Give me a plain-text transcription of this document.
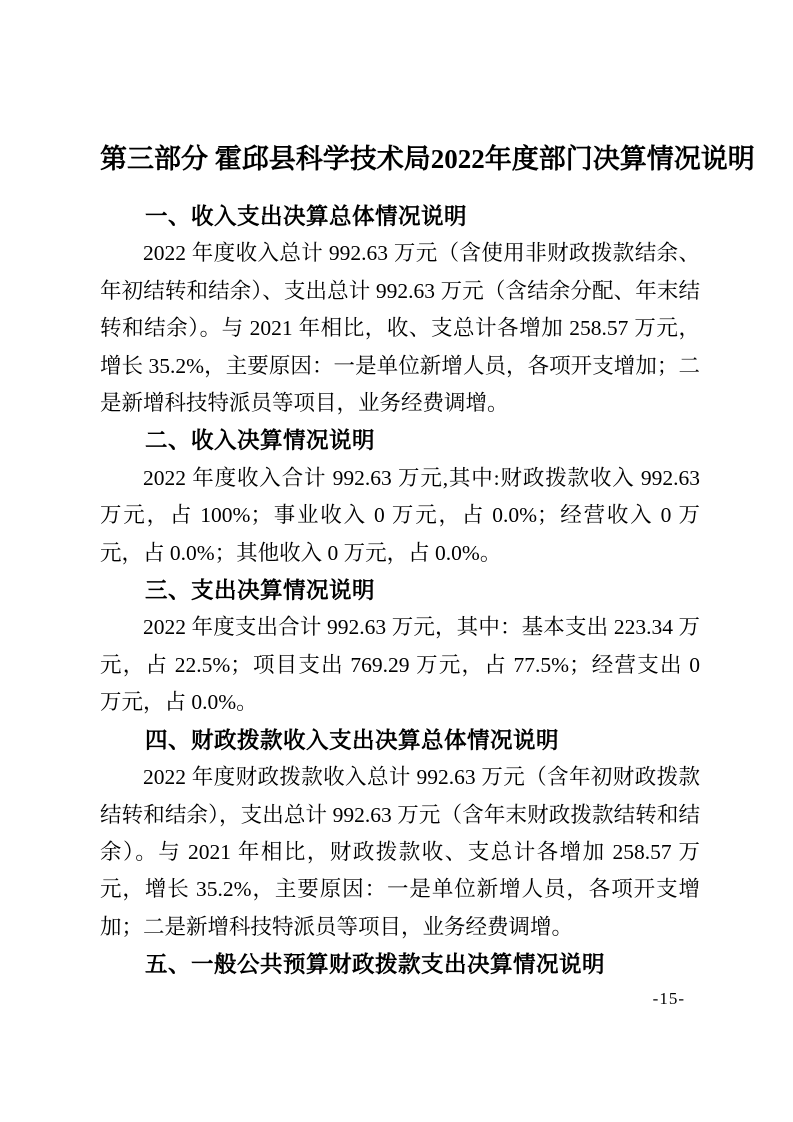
第三部分 霍邱县科学技术局2022年度部门决算情况说明
一、收入支出决算总体情况说明

2022 年度收入总计 992.63 万元（含使用非财政拨款结余、年初结转和结余）、支出总计 992.63 万元（含结余分配、年末结转和结余）。与 2021 年相比，收、支总计各增加 258.57 万元，增长 35.2%，主要原因：一是单位新增人员，各项开支增加；二是新增科技特派员等项目，业务经费调增。

二、收入决算情况说明

2022 年度收入合计 992.63 万元,其中:财政拨款收入 992.63 万元，占 100%；事业收入 0 万元，占 0.0%；经营收入 0 万元，占 0.0%；其他收入 0 万元，占 0.0%。

三、支出决算情况说明

2022 年度支出合计 992.63 万元，其中：基本支出 223.34 万元，占 22.5%；项目支出 769.29 万元，占 77.5%；经营支出 0 万元，占 0.0%。

四、财政拨款收入支出决算总体情况说明

2022 年度财政拨款收入总计 992.63 万元（含年初财政拨款结转和结余），支出总计 992.63 万元（含年末财政拨款结转和结余）。与 2021 年相比，财政拨款收、支总计各增加 258.57 万元，增长 35.2%，主要原因：一是单位新增人员，各项开支增加；二是新增科技特派员等项目，业务经费调增。

五、一般公共预算财政拨款支出决算情况说明
-15-
